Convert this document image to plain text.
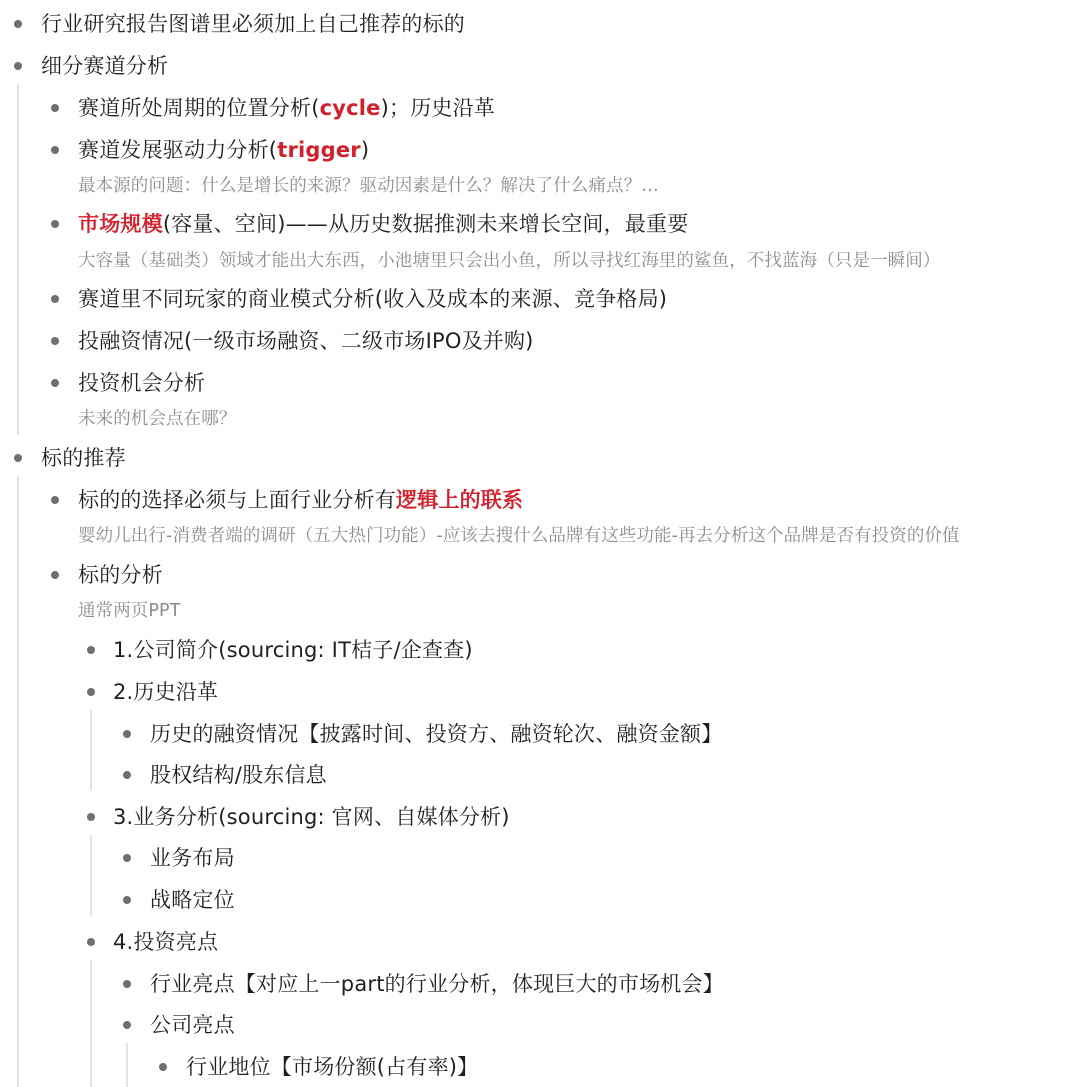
行业研究报告图谱里必须加上自己推荐的标的
细分赛道分析
赛道所处周期的位置分析(cycle)；历史沿革
赛道发展驱动力分析(trigger)
最本源的问题：什么是增长的来源？驱动因素是什么？解决了什么痛点？…
市场规模(容量、空间)——从历史数据推测未来增长空间，最重要
大容量（基础类）领域才能出大东西，小池塘里只会出小鱼，所以寻找红海里的鲨鱼，不找蓝海（只是一瞬间）
赛道里不同玩家的商业模式分析(收入及成本的来源、竞争格局)
投融资情况(一级市场融资、二级市场IPO及并购)
投资机会分析
未来的机会点在哪？
标的推荐
标的的选择必须与上面行业分析有逻辑上的联系
婴幼儿出行-消费者端的调研（五大热门功能）-应该去搜什么品牌有这些功能-再去分析这个品牌是否有投资的价值
标的分析
通常两页PPT
1.公司简介(sourcing: IT桔子/企查查)
2.历史沿革
历史的融资情况【披露时间、投资方、融资轮次、融资金额】
股权结构/股东信息
3.业务分析(sourcing: 官网、自媒体分析)
业务布局
战略定位
4.投资亮点
行业亮点【对应上一part的行业分析，体现巨大的市场机会】
公司亮点
行业地位【市场份额(占有率)】
